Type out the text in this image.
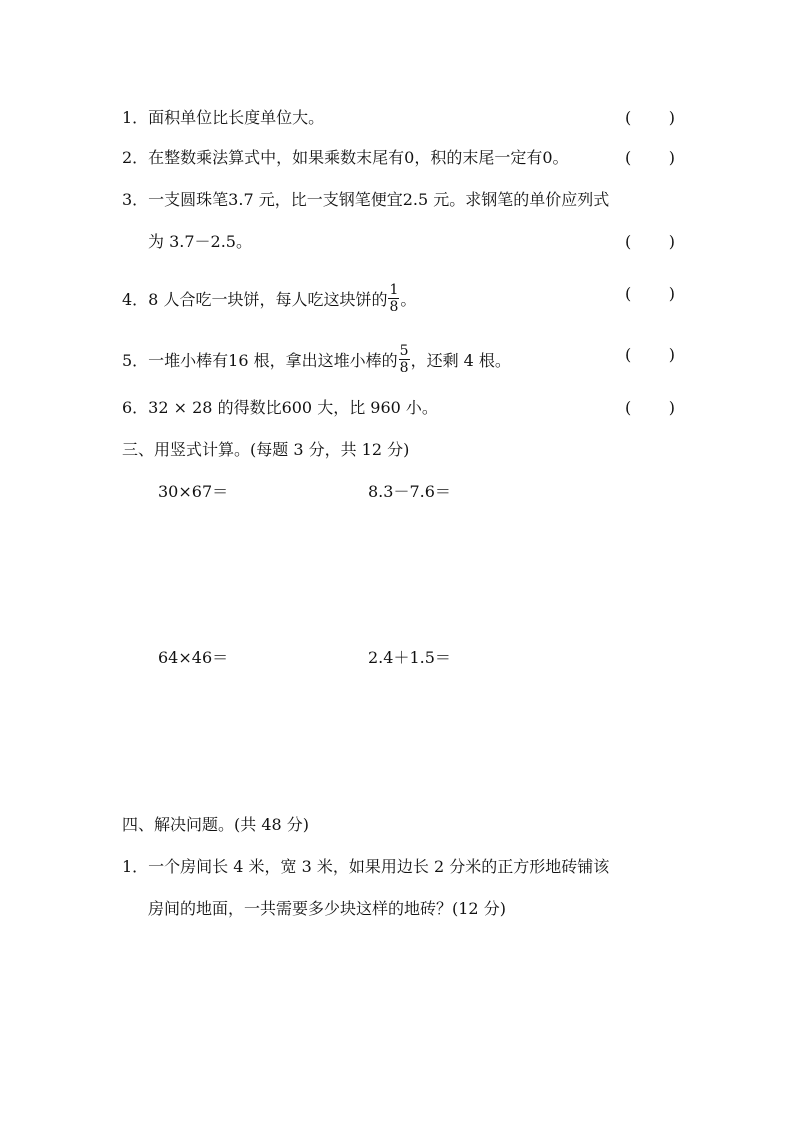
1．面积单位比长度单位大。	( )
2．在整数乘法算式中，如果乘数末尾有0，积的末尾一定有0。	( )
3．一支圆珠笔3.7 元，比一支钢笔便宜2.5 元。求钢笔的单价应列式
为 3.7－2.5。	( )
4．8 人合吃一块饼，每人吃这块饼的 $\frac{1}{8}$ 。	( )
5．一堆小棒有16 根，拿出这堆小棒的 $\frac{5}{8}$ ，还剩 4 根。	( )
6．32 × 28 的得数比600 大，比 960 小。	( )
三、用竖式计算。(每题 3 分，共 12 分)
30×67＝	8.3－7.6＝
64×46＝	2.4＋1.5＝
四、解决问题。(共 48 分)
1．一个房间长 4 米，宽 3 米，如果用边长 2 分米的正方形地砖铺该
房间的地面，一共需要多少块这样的地砖？(12 分)
